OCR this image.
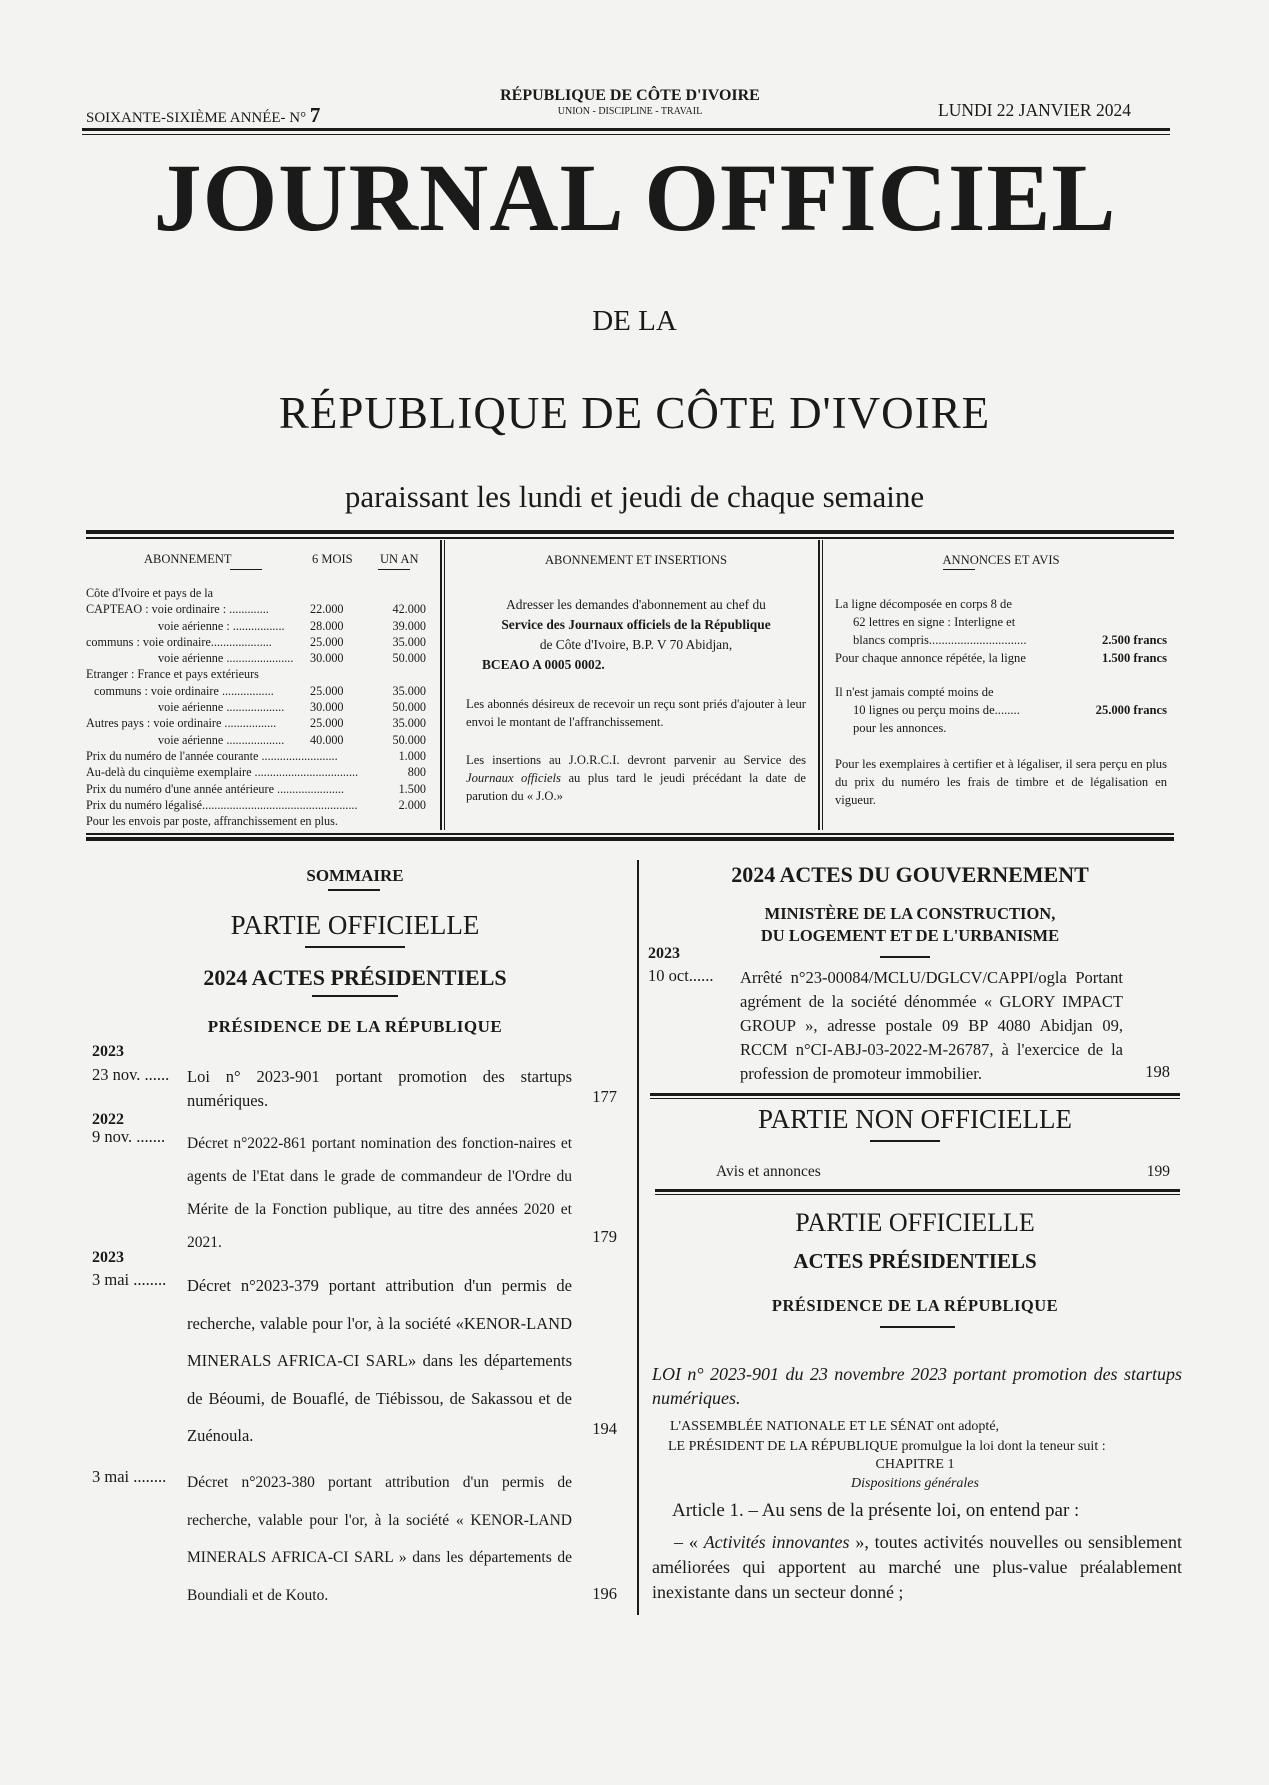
SOIXANTE-SIXIÈME ANNÉE- N° 7
RÉPUBLIQUE DE CÔTE D'IVOIRE
UNION - DISCIPLINE - TRAVAIL	LUNDI 22 JANVIER 2024
JOURNAL OFFICIEL
DE LA
RÉPUBLIQUE DE CÔTE D'IVOIRE
paraissant les lundi et jeudi de chaque semaine
ABONNEMENT	6 MOIS UN AN
Côte d'Ivoire et pays de la
CAPTEAO : voie ordinaire : .............	22.000	42.000
voie aérienne : .................	28.000	39.000
communs : voie ordinaire....................	25.000	35.000
voie aérienne ......................	30.000	50.000
Etranger : France et pays extérieurs
communs : voie ordinaire .................	25.000	35.000
voie aérienne ...................	30.000	50.000
Autres pays : voie ordinaire .................	25.000	35.000
voie aérienne ...................	40.000	50.000
Prix du numéro de l'année courante .........................	1.000
Au-delà du cinquième exemplaire ..................................	800
Prix du numéro d'une année antérieure ......................	1.500
Prix du numéro légalisé...................................................	2.000
Pour les envois par poste, affranchissement en plus.
ABONNEMENT ET INSERTIONS

Adresser les demandes d'abonnement au chef du
Service des Journaux officiels de la République
de Côte d'Ivoire, B.P. V 70 Abidjan,

BCEAO A 0005 0002.

Les abonnés désireux de recevoir un reçu sont priés d'ajouter à leur envoi le montant de l'affranchissement.

Les insertions au J.O.R.C.I. devront parvenir au Service des Journaux officiels au plus tard le jeudi précédant la date de parution du « J.O.»

ANNONCES ET AVIS
La ligne décomposée en corps 8 de
62 lettres en signe : Interligne et
blancs compris...............................	2.500 francs
Pour chaque annonce répétée, la ligne	1.500 francs
Il n'est jamais compté moins de
10 lignes ou perçu moins de........	25.000 francs
pour les annonces.
Pour les exemplaires à certifier et à légaliser, il sera perçu en plus du prix du numéro les frais de timbre et de légalisation en vigueur.
SOMMAIRE
PARTIE OFFICIELLE
2024 ACTES PRÉSIDENTIELS
PRÉSIDENCE DE LA RÉPUBLIQUE
2023
23 nov. ...... Loi n° 2023-901 portant promotion des startups numériques.	177
2022
9 nov. ....... Décret n°2022-861 portant nomination des fonction-naires et agents de l'Etat dans le grade de commandeur de l'Ordre du Mérite de la Fonction publique, au titre des années 2020 et 2021.	179
2023
3 mai ........ Décret n°2023-379 portant attribution d'un permis de recherche, valable pour l'or, à la société «KENOR-LAND MINERALS AFRICA-CI SARL» dans les départements de Béoumi, de Bouaflé, de Tiébissou, de Sakassou et de Zuénoula.	194
3 mai ........ Décret n°2023-380 portant attribution d'un permis de recherche, valable pour l'or, à la société « KENOR-LAND MINERALS AFRICA-CI SARL » dans les départements de Boundiali et de Kouto.	196
2024 ACTES DU GOUVERNEMENT
MINISTÈRE DE LA CONSTRUCTION,
DU LOGEMENT ET DE L'URBANISME
2023
10 oct...... Arrêté n°23-00084/MCLU/DGLCV/CAPPI/ogla Portant agrément de la société dénommée « GLORY IMPACT GROUP », adresse postale 09 BP 4080 Abidjan 09, RCCM n°CI-ABJ-03-2022-M-26787, à l'exercice de la profession de promoteur immobilier.	198
PARTIE NON OFFICIELLE
Avis et annonces	199
PARTIE OFFICIELLE
ACTES PRÉSIDENTIELS
PRÉSIDENCE DE LA RÉPUBLIQUE
LOI n° 2023-901 du 23 novembre 2023 portant promotion des startups numériques.
L'ASSEMBLÉE NATIONALE ET LE SÉNAT ont adopté,
LE PRÉSIDENT DE LA RÉPUBLIQUE promulgue la loi dont la teneur suit :
CHAPITRE 1
Dispositions générales
Article 1. – Au sens de la présente loi, on entend par :
– « Activités innovantes », toutes activités nouvelles ou sensiblement améliorées qui apportent au marché une plus-value préalablement inexistante dans un secteur donné ;
